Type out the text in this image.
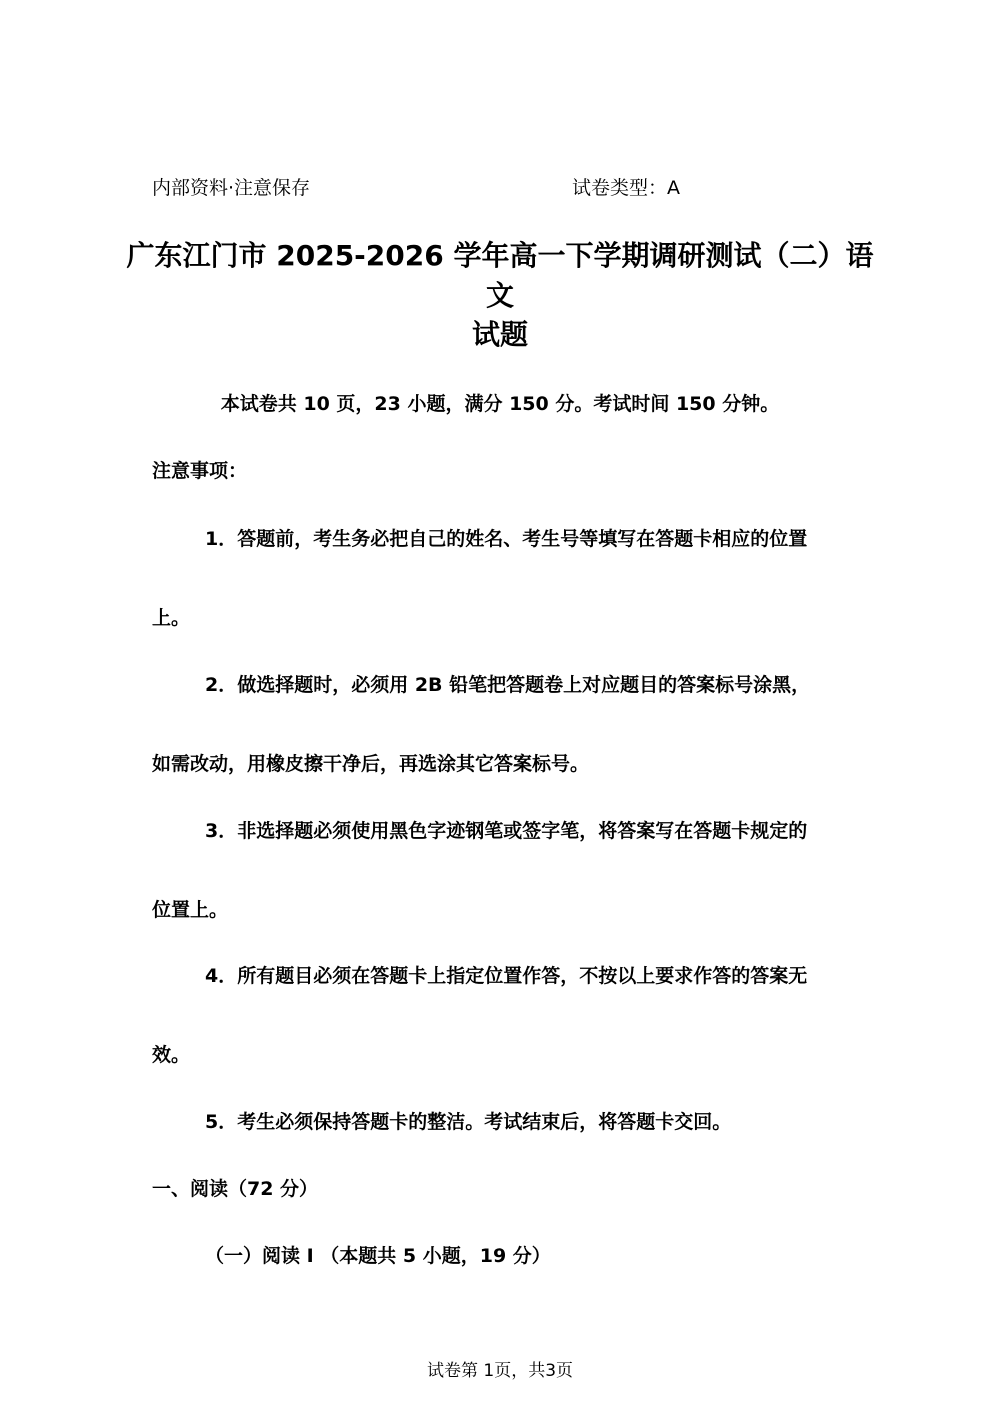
内部资料·注意保存	试卷类型：A
广东江门市 2025-2026 学年高一下学期调研测试（二）语文
试题
本试卷共 10 页，23 小题，满分 150 分。考试时间 150 分钟。
注意事项：
1．答题前，考生务必把自己的姓名、考生号等填写在答题卡相应的位置
上。
2．做选择题时，必须用 2B 铅笔把答题卷上对应题目的答案标号涂黑，
如需改动，用橡皮擦干净后，再选涂其它答案标号。
3．非选择题必须使用黑色字迹钢笔或签字笔，将答案写在答题卡规定的
位置上。
4．所有题目必须在答题卡上指定位置作答，不按以上要求作答的答案无
效。
5．考生必须保持答题卡的整洁。考试结束后，将答题卡交回。
一、阅读（72 分）
（一）阅读 I （本题共 5 小题，19 分）
试卷第 1页，共3页
